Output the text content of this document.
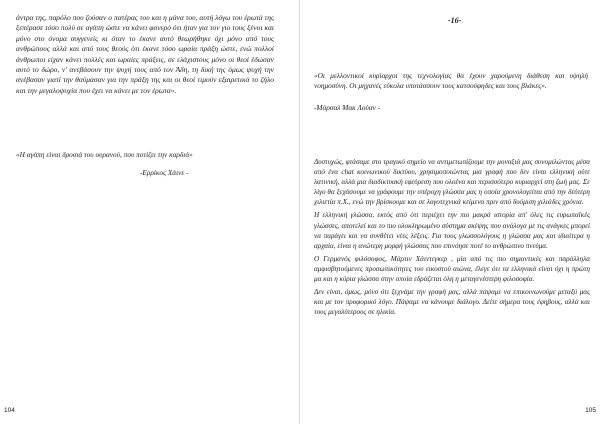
άντρα της, παρόλο που ζούσαν ο πατέρας του και η μάνα του, αυτή λόγω του έρωτά της ξεπέρασε τόσο πολύ σε αγάπη ώστε να κάνει φανερό ότι ήταν για τον γιο τους ξένοι και μόνο στο όνομα συγγενείς κι όταν το έκανε αυτό θεωρήθηκε όχι μόνο από τους ανθρώπους αλλά και από τους θεούς ότι έκανε τόσο ωραία πράξη ώστε, ενώ πολλοί άνθρωποι είχαν κάνει πολλές και ωραίες πράξεις, σε ελάχιστους μόνο οι θεοί έδωσαν αυτό το δώρο, ν' ανεβάσουν την ψυχή τους από τον Άδη, τη δική της όμως ψυχή την ανέβασαν γιατί την θαύμασαν για την πράξη της και οι θεοί τιμούν εξαιρετικά το ζήλο και την μεγαλοψυχία που έχει να κάνει με τον έρωτα».
«Η αγάπη είναι δροσιά του ουρανού, που ποτίζει την καρδιά»
-Ερρίκος Χάινε -
104
-16-
«Οι μελλοντικοί κυρίαρχοι της τεχνολογίας θα έχουν χαρούμενη διάθεση και υψηλή νοημοσύνη. Οι μηχανές εύκολα υποτάσσουν τους κατσούφηδες και τους βλάκες».
-Μάρσαλ Μακ Λούαν -

Δυστυχώς, φτάσαμε στο τραγικό σημείο να αντιμετωπίζουμε την μοναξιά μας συνομιλώντας μέσα από ένα chat κοινωνικού δικτύου, χρησιμοποιώντας μια γραφή που δεν είναι ελληνική ούτε λατινική, αλλά μια διαδικτυακή εφεύρεση που ολοένα και περισσότερο κυριαρχεί στη ζωή μας. Σε λίγο θα ξεχάσουμε να γράφουμε την υπέροχη γλώσσα μας η οποία χρονολογείται από την δεύτερη χιλιετία π.Χ., ενώ την βρίσκουμε και σε λογοτεχνικά κείμενα πριν από δυόμιση χιλιάδες χρόνια.

Η ελληνική γλώσσα, εκτός από ότι περιέχει την πιο μακρά ιστορία απ' όλες τις ευρωπαϊκές γλώσσες, αποτελεί και το πιο ολοκληρωμένο σύστημα σκέψης που ανάλογα με τις ανάγκες μπορεί να παράγει και να συνθέτει νέες λέξεις. Για τους γλωσσολόγους η γλώσσα μας και ιδιαίτερα η αρχαία, είναι η ανώτερη μορφή γλώσσας που επινόησε ποτέ το ανθρώπινο πνεύμα.

Ο Γερμανός φιλόσοφος, Μάρτιν Χάιντεγκερ , μία από τις πιο σημαντικές και παράλληλα αμφισβητούμενες προσωπικότητες του εικοστού αιώνα, έλεγε ότι τα ελληνικά είναι όχι η πρώτη μα και η κύρια γλώσσα στην οποία εδράζεται όλη η μεταγενέστερη φιλοσοφία.

Δεν είναι, όμως, μόνο ότι ξεχνάμε την γραφή μας, αλλά πάψαμε να επικοινωνούμε μεταξύ μας και με τον προφορικό λόγο. Πάψαμε να κάνουμε διάλογο. Δείτε σήμερα τους έφηβους, αλλά και τους μεγαλύτερους σε ηλικία.

105
